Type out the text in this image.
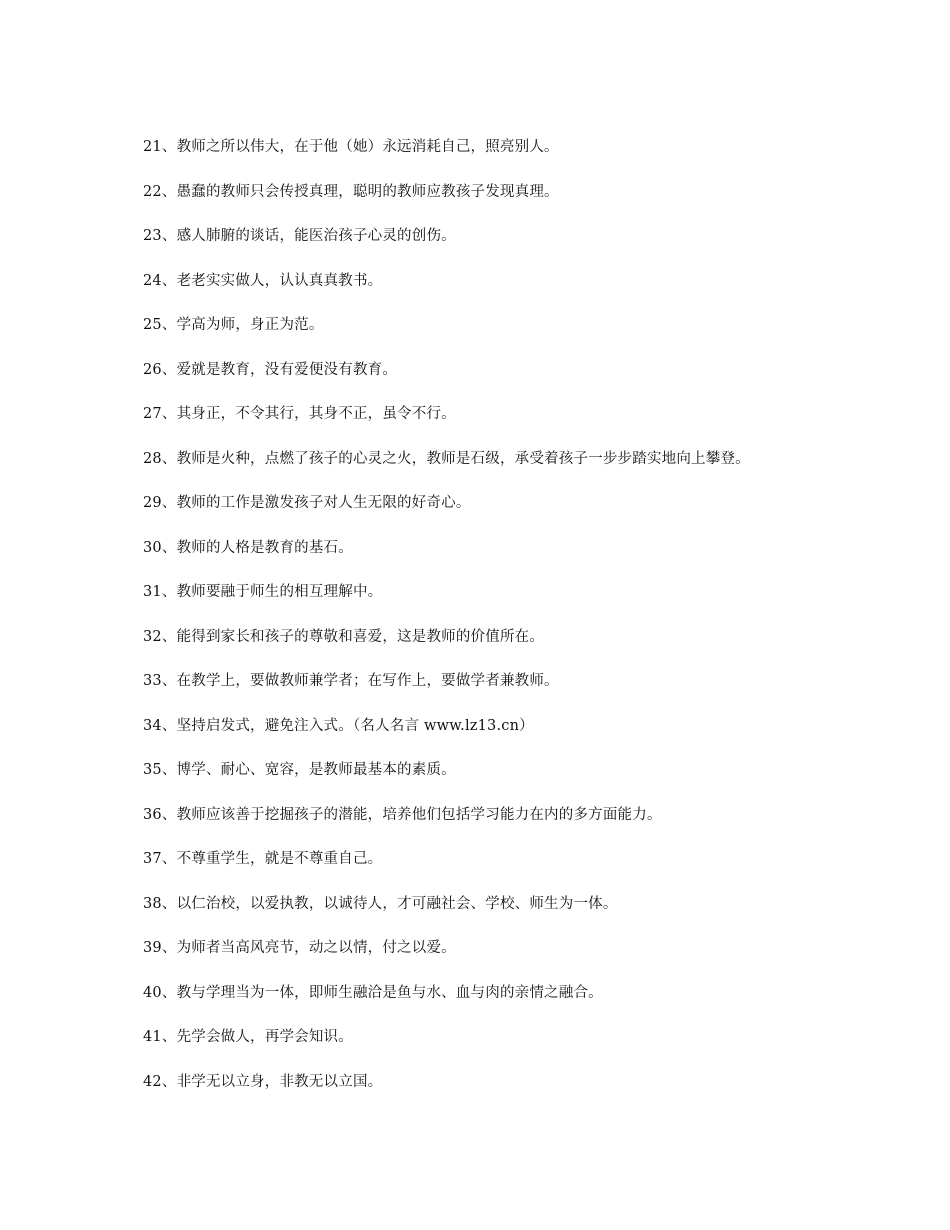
21、教师之所以伟大，在于他（她）永远消耗自己，照亮别人。
22、愚蠢的教师只会传授真理，聪明的教师应教孩子发现真理。
23、感人肺腑的谈话，能医治孩子心灵的创伤。
24、老老实实做人，认认真真教书。
25、学高为师，身正为范。
26、爱就是教育，没有爱便没有教育。
27、其身正，不令其行，其身不正，虽令不行。
28、教师是火种，点燃了孩子的心灵之火，教师是石级，承受着孩子一步步踏实地向上攀登。
29、教师的工作是激发孩子对人生无限的好奇心。
30、教师的人格是教育的基石。
31、教师要融于师生的相互理解中。
32、能得到家长和孩子的尊敬和喜爱，这是教师的价值所在。
33、在教学上，要做教师兼学者；在写作上，要做学者兼教师。
34、坚持启发式，避免注入式。（名人名言 www.lz13.cn）
35、博学、耐心、宽容，是教师最基本的素质。
36、教师应该善于挖掘孩子的潜能，培养他们包括学习能力在内的多方面能力。
37、不尊重学生，就是不尊重自己。
38、以仁治校，以爱执教，以诚待人，才可融社会、学校、师生为一体。
39、为师者当高风亮节，动之以情，付之以爱。
40、教与学理当为一体，即师生融洽是鱼与水、血与肉的亲情之融合。
41、先学会做人，再学会知识。
42、非学无以立身，非教无以立国。
